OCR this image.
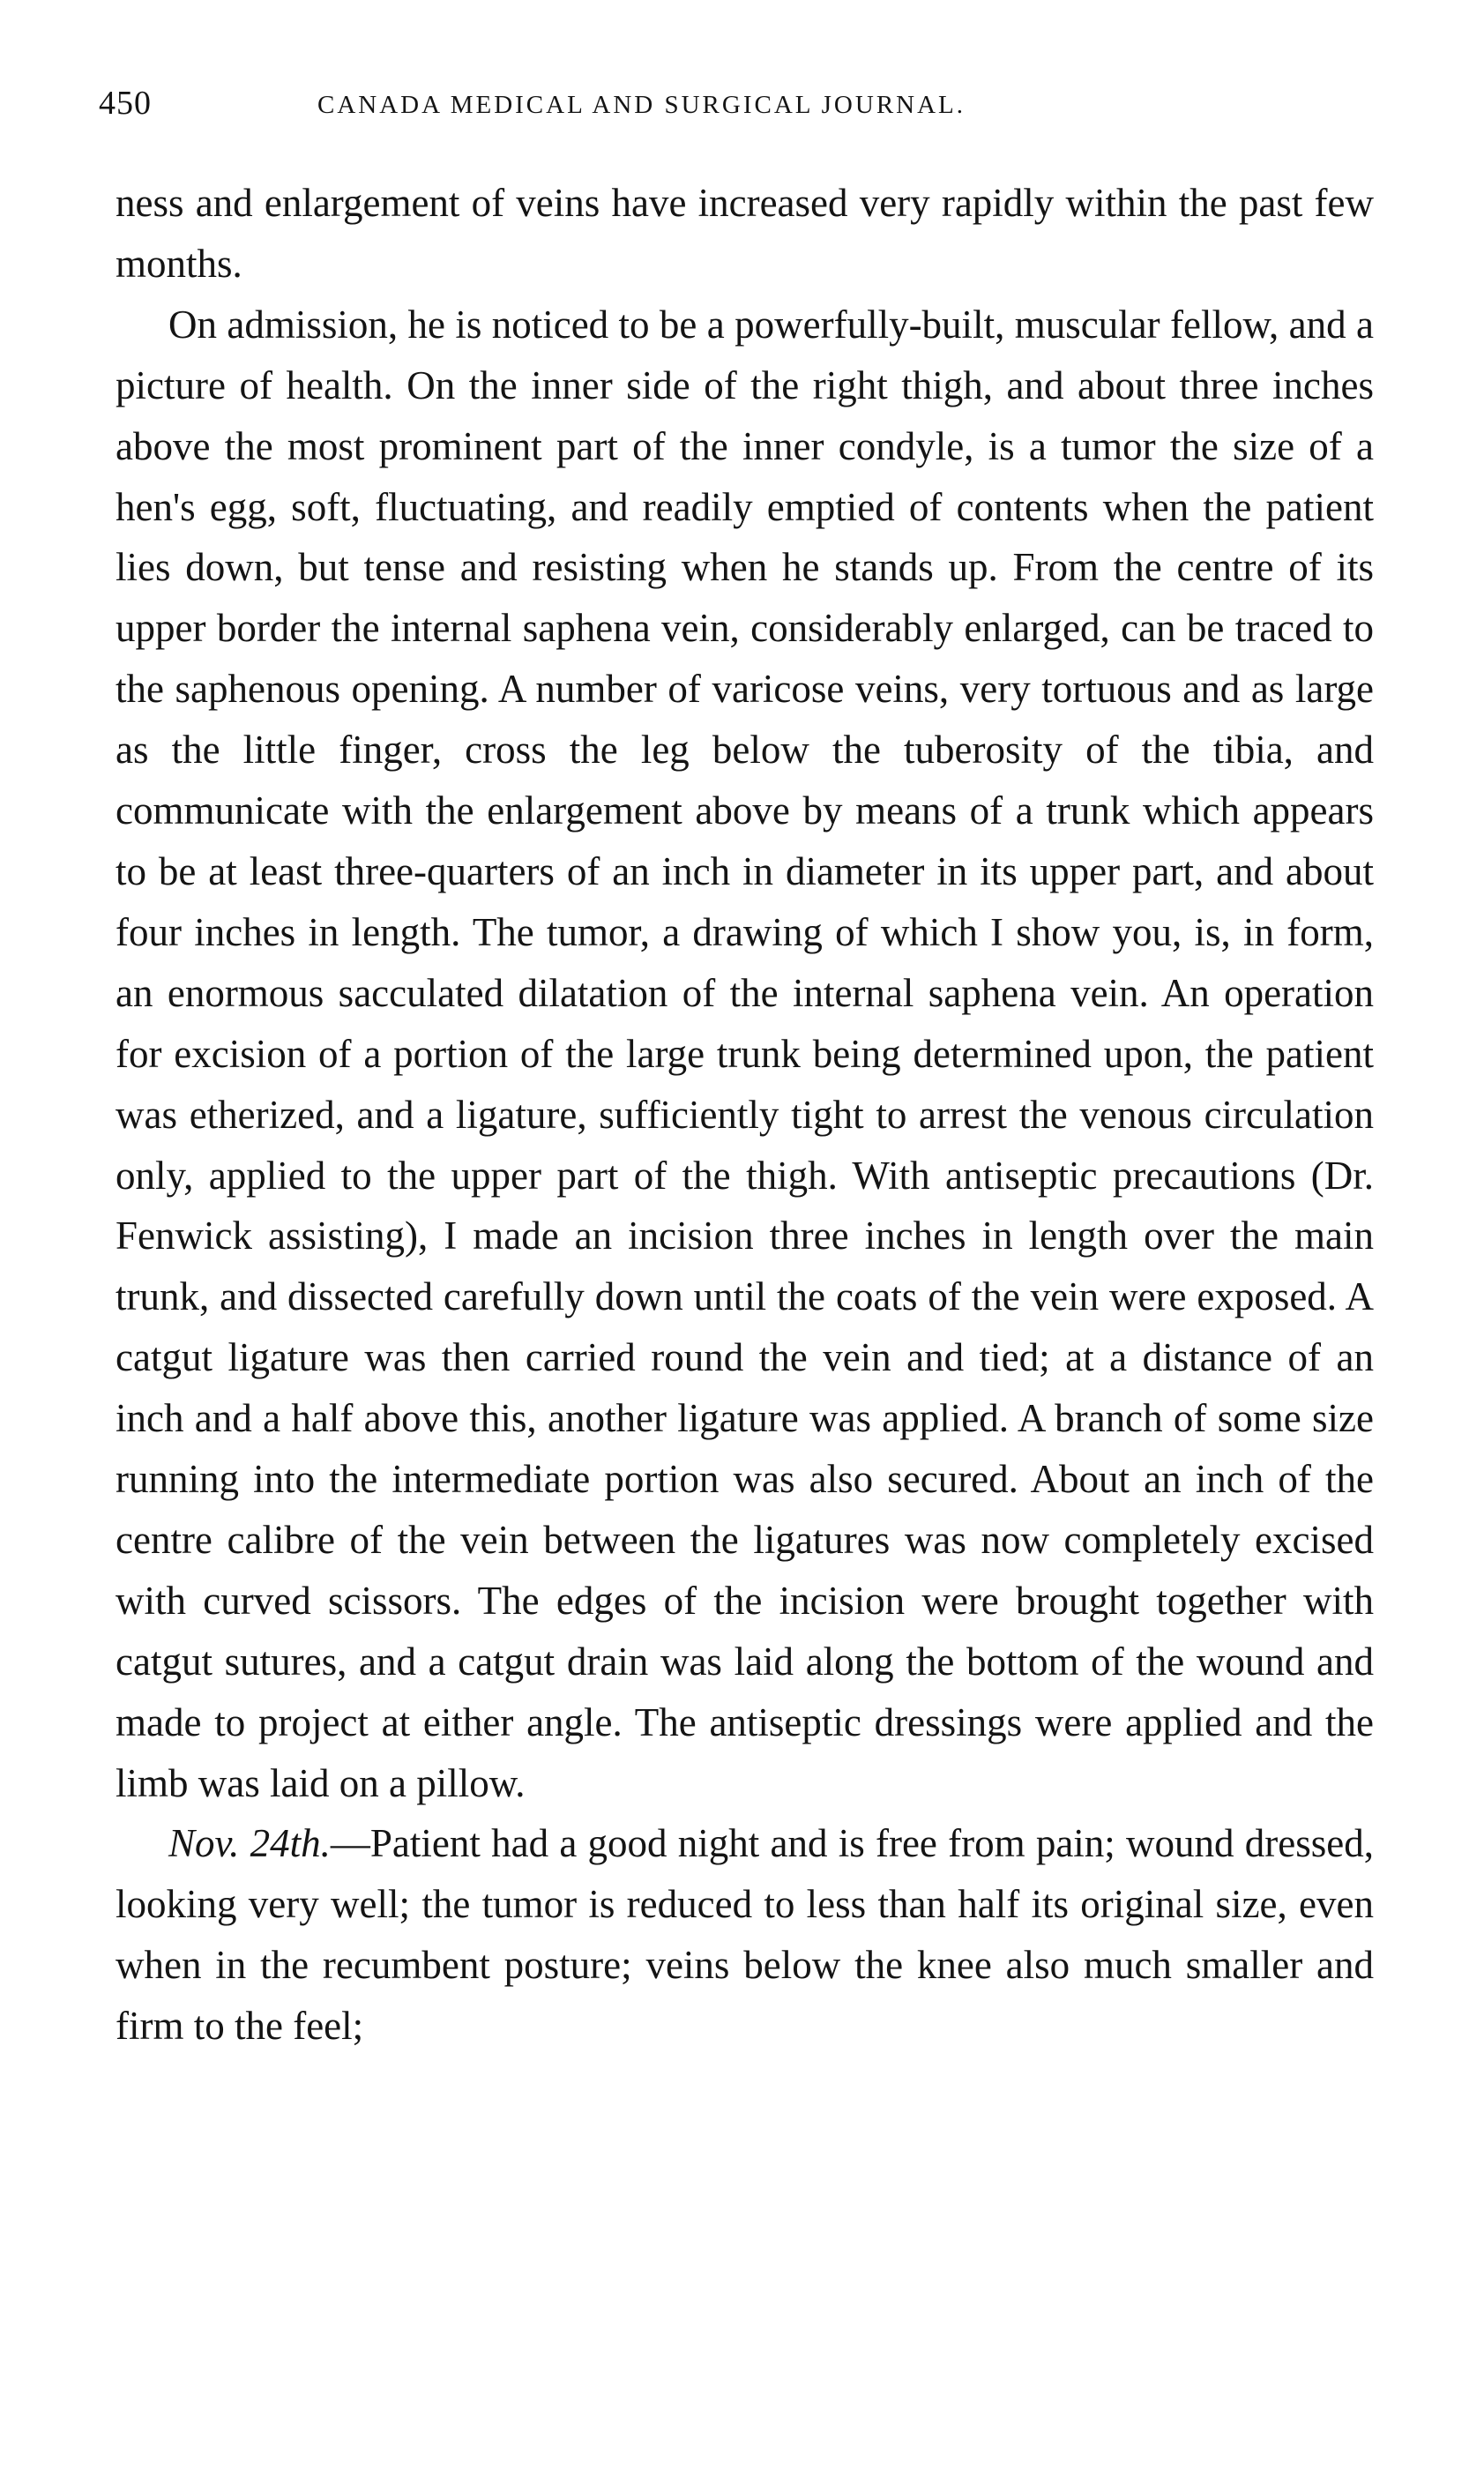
450	CANADA MEDICAL AND SURGICAL JOURNAL.

ness and enlargement of veins have increased very rapidly within the past few months.

On admission, he is noticed to be a powerfully-built, muscular fellow, and a picture of health. On the inner side of the right thigh, and about three inches above the most prominent part of the inner condyle, is a tumor the size of a hen's egg, soft, fluctuating, and readily emptied of contents when the patient lies down, but tense and resisting when he stands up. From the centre of its upper border the internal saphena vein, considerably enlarged, can be traced to the saphenous opening. A number of varicose veins, very tortuous and as large as the little finger, cross the leg below the tuberosity of the tibia, and communicate with the enlargement above by means of a trunk which appears to be at least three-quarters of an inch in diameter in its upper part, and about four inches in length. The tumor, a drawing of which I show you, is, in form, an enormous sacculated dilatation of the internal saphena vein. An operation for excision of a portion of the large trunk being determined upon, the patient was etherized, and a ligature, sufficiently tight to arrest the venous circulation only, applied to the upper part of the thigh. With antiseptic precautions (Dr. Fenwick assisting), I made an incision three inches in length over the main trunk, and dissected carefully down until the coats of the vein were exposed. A catgut ligature was then carried round the vein and tied; at a distance of an inch and a half above this, another ligature was applied. A branch of some size running into the intermediate portion was also secured. About an inch of the centre calibre of the vein between the ligatures was now completely excised with curved scissors. The edges of the incision were brought together with catgut sutures, and a catgut drain was laid along the bottom of the wound and made to project at either angle. The antiseptic dressings were applied and the limb was laid on a pillow.

Nov. 24th.—Patient had a good night and is free from pain; wound dressed, looking very well; the tumor is reduced to less than half its original size, even when in the recumbent posture; veins below the knee also much smaller and firm to the feel;
